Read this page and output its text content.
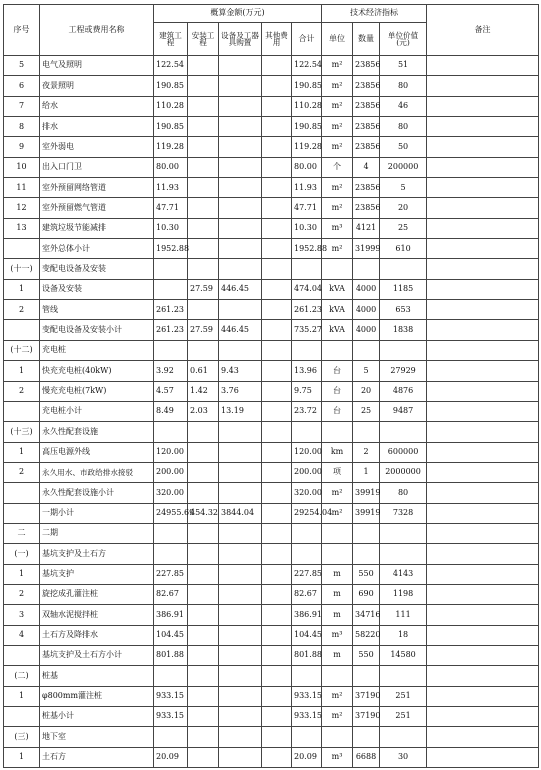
序号	工程或费用名称	概算金额(万元)					技术经济指标			备注
		建筑工程	安装工程	设备及工器具购置	其他费用	合计	单位	数量	单位价值(元)	
5	电气及照明	122.54				122.54	m²	23856	51	
6	夜景照明	190.85				190.85	m²	23856	80	
7	给水	110.28				110.28	m²	23856	46	
8	排水	190.85				190.85	m²	23856	80	
9	室外弱电	119.28				119.28	m²	23856	50	
10	出入口门卫	80.00				80.00	个	4	200000	
11	室外预留网络管道	11.93				11.93	m²	23856	5	
12	室外预留燃气管道	47.71				47.71	m²	23856	20	
13	建筑垃圾节能减排	10.30				10.30	m³	4121	25	
	室外总体小计	1952.88				1952.88	m²	31999	610	
(十一)	变配电设备及安装									
1	设备及安装		27.59	446.45		474.04	kVA	4000	1185	
2	管线	261.23				261.23	kVA	4000	653	
	变配电设备及安装小计	261.23	27.59	446.45		735.27	kVA	4000	1838	
(十二)	充电桩									
1	快充充电桩(40kW)	3.92	0.61	9.43		13.96	台	5	27929	
2	慢充充电桩(7kW)	4.57	1.42	3.76		9.75	台	20	4876	
	充电桩小计	8.49	2.03	13.19		23.72	台	25	9487	
(十三)	永久性配套设施									
1	高压电源外线	120.00				120.00	km	2	600000	
2	永久用水、市政给排水接驳	200.00				200.00	项	1	2000000	
	永久性配套设施小计	320.00				320.00	m²	39919	80	
	一期小计	24955.69	454.32	3844.04		29254.04	m²	39919	7328	
二	二期									
(一)	基坑支护及土石方									
1	基坑支护	227.85				227.85	m	550	4143	
2	旋挖成孔灌注桩	82.67				82.67	m	690	1198	
3	双轴水泥搅拌桩	386.91				386.91	m	34716	111	
4	土石方及降排水	104.45				104.45	m³	58220	18	
	基坑支护及土石方小计	801.88				801.88	m	550	14580	
(二)	桩基									
1	φ800mm灌注桩	933.15				933.15	m²	37190	251	
	桩基小计	933.15				933.15	m²	37190	251	
(三)	地下室									
1	土石方	20.09				20.09	m³	6688	30	
